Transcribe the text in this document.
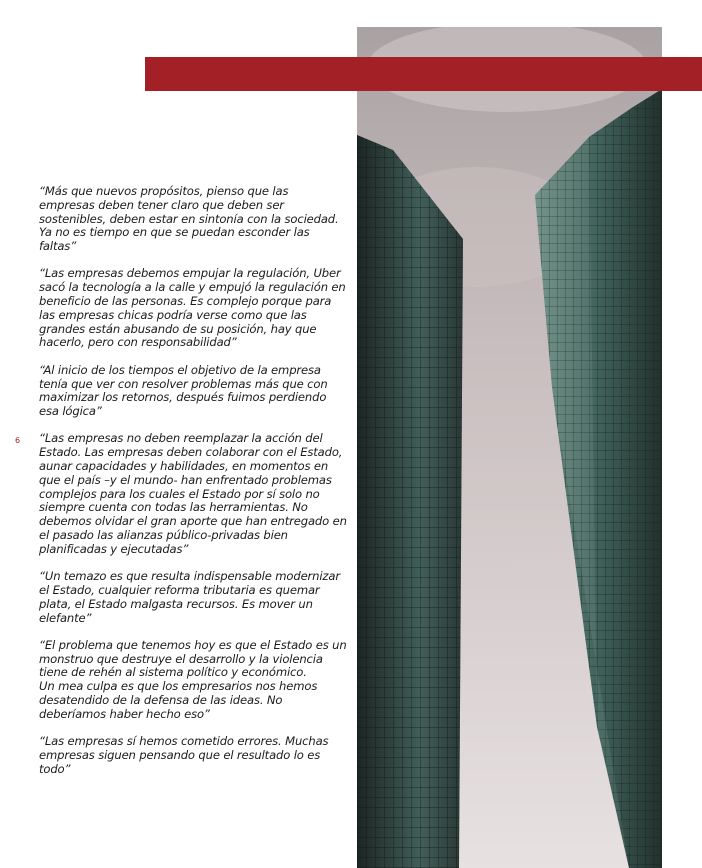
6

“Más que nuevos propósitos, pienso que las empresas deben tener claro que deben ser sostenibles, deben estar en sintonía con la sociedad. Ya no es tiempo en que se puedan esconder las faltas”

“Las empresas debemos empujar la regulación, Uber sacó la tecnología a la calle y empujó la regulación en beneficio de las personas. Es complejo porque para las empresas chicas podría verse como que las grandes están abusando de su posición, hay que hacerlo, pero con responsabilidad”

“Al inicio de los tiempos el objetivo de la empresa tenía que ver con resolver problemas más que con maximizar los retornos, después fuimos perdiendo esa lógica”

“Las empresas no deben reemplazar la acción del Estado. Las empresas deben colaborar con el Estado, aunar capacidades y habilidades, en momentos en que el país –y el mundo- han enfrentado problemas complejos para los cuales el Estado por sí solo no siempre cuenta con todas las herramientas. No debemos olvidar el gran aporte que han entregado en el pasado las alianzas público-privadas bien planificadas y ejecutadas”

“Un temazo es que resulta indispensable modernizar el Estado, cualquier reforma tributaria es quemar plata, el Estado malgasta recursos. Es mover un elefante”

“El problema que tenemos hoy es que el Estado es un monstruo que destruye el desarrollo y la violencia tiene de rehén al sistema político y económico.
Un mea culpa es que los empresarios nos hemos desatendido de la defensa de las ideas. No deberíamos haber hecho eso”

“Las empresas sí hemos cometido errores. Muchas empresas siguen pensando que el resultado lo es todo”
